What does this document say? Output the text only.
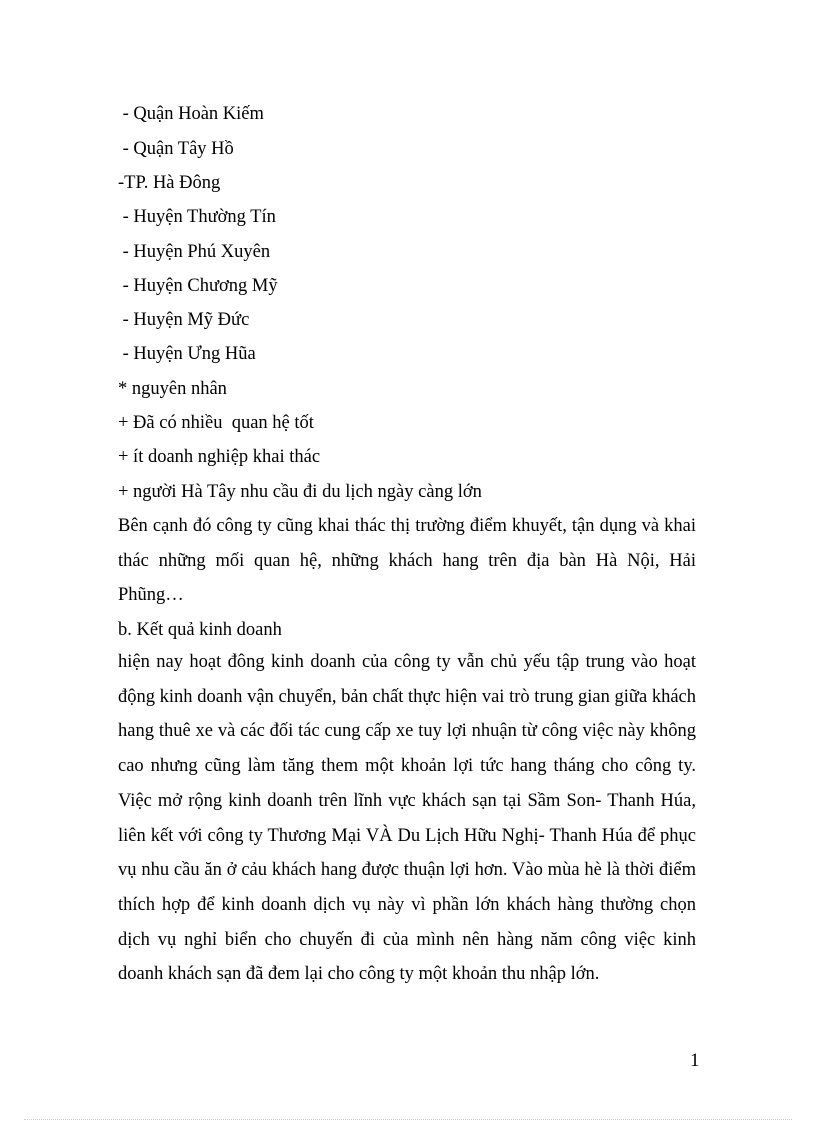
- Quận Hoàn Kiếm
- Quận Tây Hồ
-TP. Hà Đông
- Huyện Thường Tín
- Huyện Phú Xuyên
- Huyện Chương Mỹ
- Huyện Mỹ Đức
- Huyện Ưng Hũa
* nguyên nhân
+ Đã có nhiều  quan hệ tốt
+ ít doanh nghiệp khai thác
+ người Hà Tây nhu cầu đi du lịch ngày càng lớn
Bên cạnh đó công ty cũng khai thác thị trường điểm khuyết, tận dụng và khai thác những mối quan hệ, những khách hang trên địa bàn Hà Nội, Hải Phũng…
b. Kết quả kinh doanh
hiện nay hoạt đông kinh doanh của công ty vẫn chủ yếu tập trung vào hoạt động kinh doanh vận chuyển, bản chất thực hiện vai trò trung gian giữa khách hang thuê xe và các đối tác cung cấp xe tuy lợi nhuận từ công việc này không cao nhưng cũng làm tăng them một khoản lợi tức hang tháng cho công ty. Việc mở rộng kinh doanh trên lĩnh vực khách sạn tại Sầm Son- Thanh Húa, liên kết với công ty Thương Mại VÀ Du Lịch Hữu Nghị- Thanh Húa để phục vụ nhu cầu ăn ở cảu khách hang được thuận lợi hơn. Vào mùa hè là thời điểm thích hợp để kinh doanh dịch vụ này vì phần lớn khách hàng thường chọn dịch vụ nghỉ biển cho chuyến đi của mình nên hàng năm công việc kinh doanh khách sạn đã đem lại cho công ty một khoản thu nhập lớn.
1
